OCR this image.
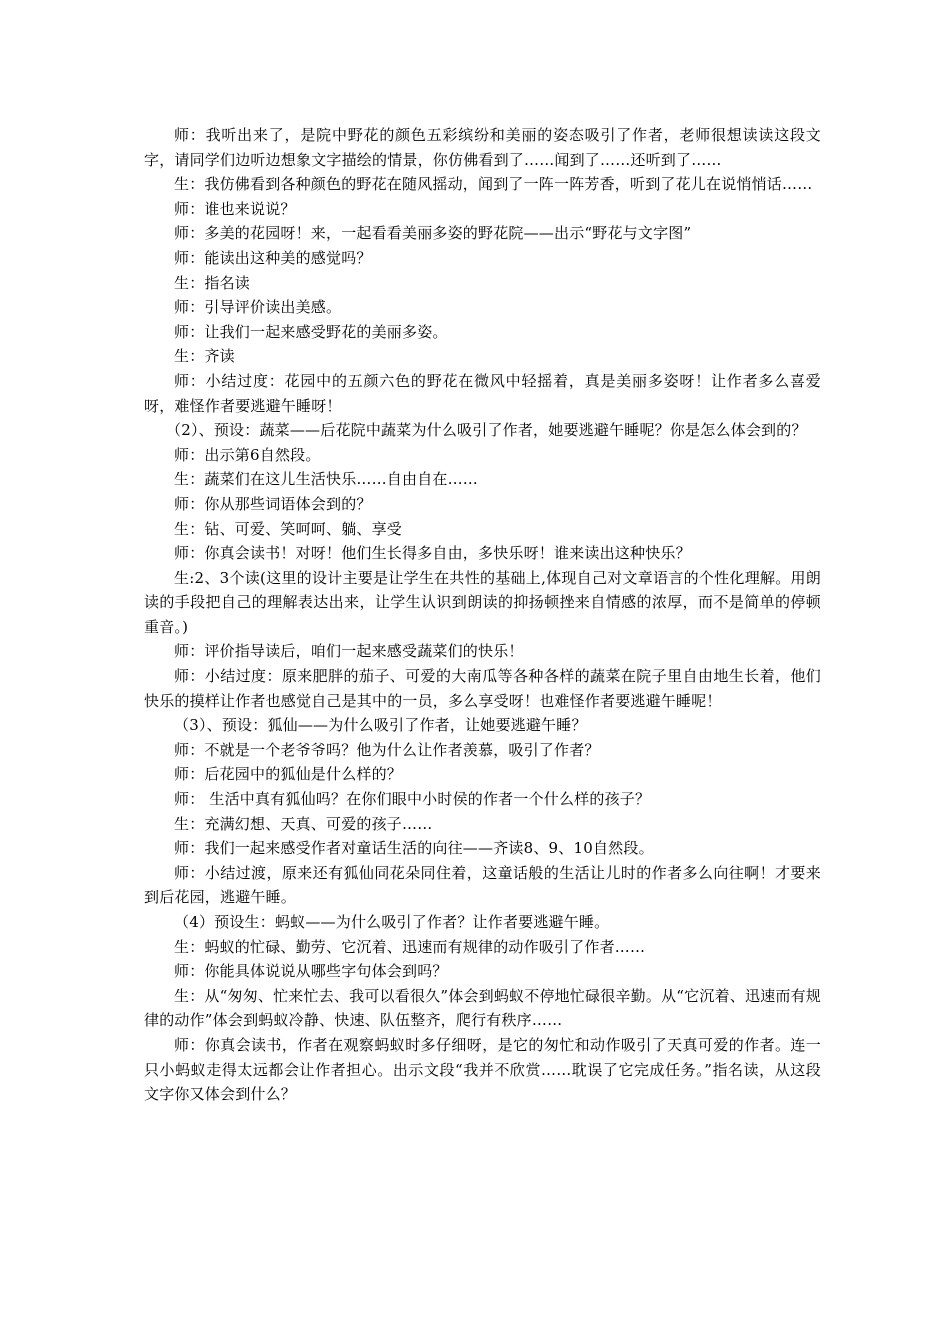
师：我听出来了，是院中野花的颜色五彩缤纷和美丽的姿态吸引了作者，老师很想读读这段文字，请同学们边听边想象文字描绘的情景，你仿佛看到了……闻到了……还听到了……

生：我仿佛看到各种颜色的野花在随风摇动，闻到了一阵一阵芳香，听到了花儿在说悄悄话……

师：谁也来说说？

师：多美的花园呀！来，一起看看美丽多姿的野花院——出示“野花与文字图”

师：能读出这种美的感觉吗？

生：指名读

师：引导评价读出美感。

师：让我们一起来感受野花的美丽多姿。

生：齐读

师：小结过度：花园中的五颜六色的野花在微风中轻摇着，真是美丽多姿呀！让作者多么喜爱呀，难怪作者要逃避午睡呀！

（2）、预设：蔬菜——后花院中蔬菜为什么吸引了作者，她要逃避午睡呢？你是怎么体会到的？

师：出示第6自然段。

生：蔬菜们在这儿生活快乐……自由自在……

师：你从那些词语体会到的？

生：钻、可爱、笑呵呵、躺、享受

师：你真会读书！对呀！他们生长得多自由，多快乐呀！谁来读出这种快乐？

生:2、3个读(这里的设计主要是让学生在共性的基础上,体现自己对文章语言的个性化理解。用朗读的手段把自己的理解表达出来，让学生认识到朗读的抑扬顿挫来自情感的浓厚，而不是简单的停顿重音。)

师：评价指导读后，咱们一起来感受蔬菜们的快乐！

师：小结过度：原来肥胖的茄子、可爱的大南瓜等各种各样的蔬菜在院子里自由地生长着，他们快乐的摸样让作者也感觉自己是其中的一员，多么享受呀！也难怪作者要逃避午睡呢！

（3）、预设：狐仙——为什么吸引了作者，让她要逃避午睡？

师：不就是一个老爷爷吗？他为什么让作者羡慕，吸引了作者？

师：后花园中的狐仙是什么样的？

师： 生活中真有狐仙吗？在你们眼中小时侯的作者一个什么样的孩子？

生：充满幻想、天真、可爱的孩子……

师：我们一起来感受作者对童话生活的向往——齐读8、9、10自然段。

师：小结过渡，原来还有狐仙同花朵同住着，这童话般的生活让儿时的作者多么向往啊！才要来到后花园，逃避午睡。

（4）预设生：蚂蚁——为什么吸引了作者？让作者要逃避午睡。

生：蚂蚁的忙碌、勤劳、它沉着、迅速而有规律的动作吸引了作者……

师：你能具体说说从哪些字句体会到吗？

生：从“匆匆、忙来忙去、我可以看很久”体会到蚂蚁不停地忙碌很辛勤。从“它沉着、迅速而有规律的动作”体会到蚂蚁冷静、快速、队伍整齐，爬行有秩序……

师：你真会读书，作者在观察蚂蚁时多仔细呀，是它的匆忙和动作吸引了天真可爱的作者。连一只小蚂蚁走得太远都会让作者担心。出示文段“我并不欣赏……耽误了它完成任务。”指名读，从这段文字你又体会到什么？
